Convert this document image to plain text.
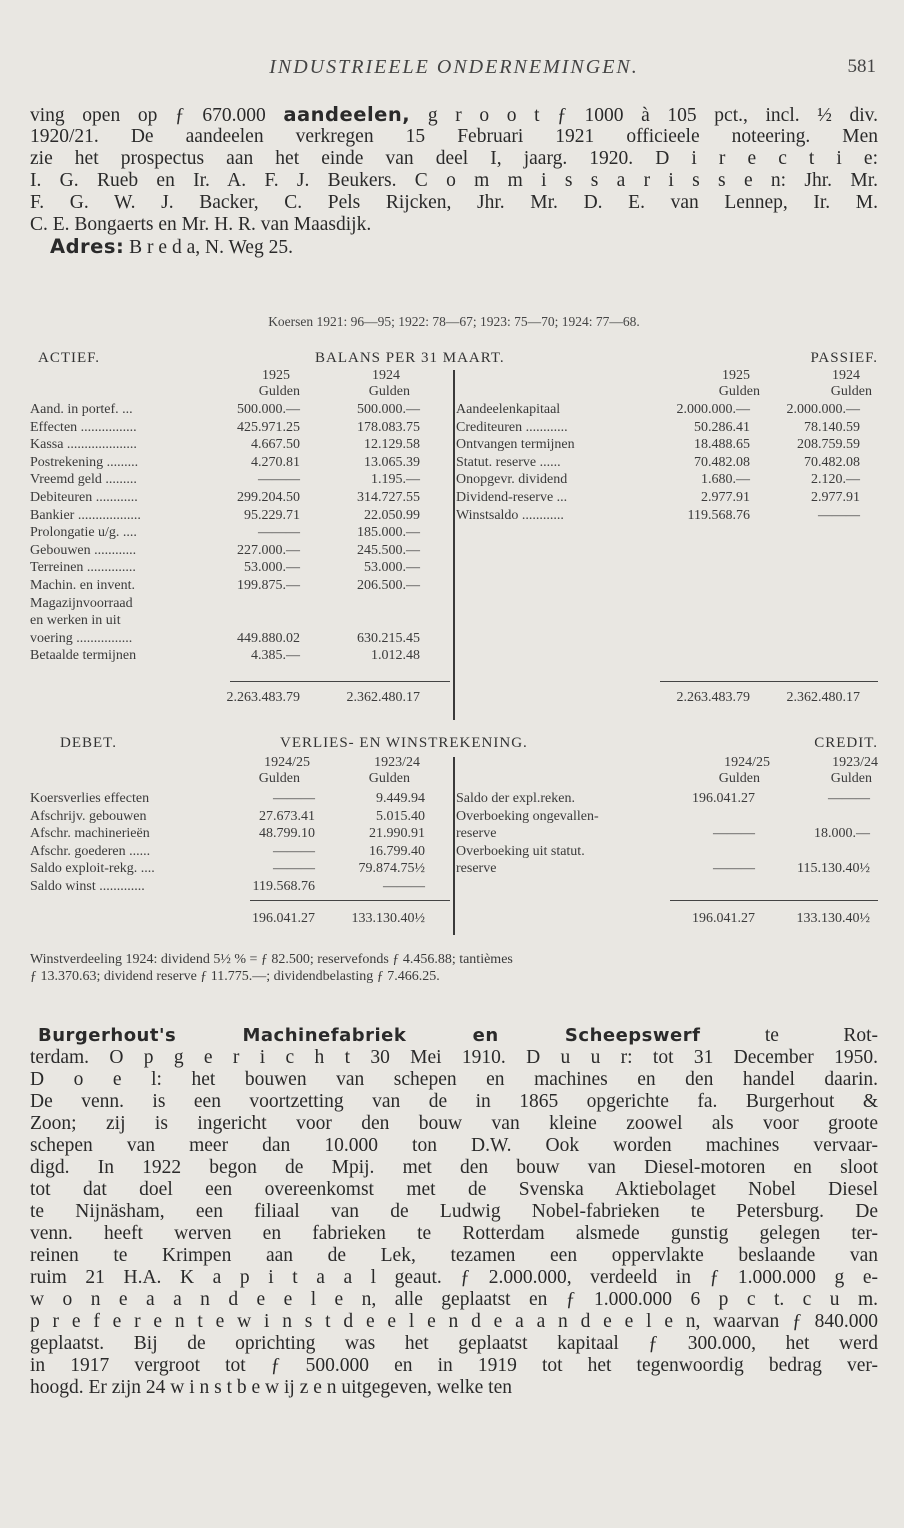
INDUSTRIEELE ONDERNEMINGEN.	581
ving open op ƒ 670.000 aandeelen, g r o o t ƒ 1000 à 105 pct., incl. ½ div.
1920/21. De aandeelen verkregen 15 Februari 1921 officieele noteering. Men
zie het prospectus aan het einde van deel I, jaarg. 1920. D i r e c t i e:
I. G. Rueb en Ir. A. F. J. Beukers. C o m m i s s a r i s s e n: Jhr. Mr.
F. G. W. J. Backer, C. Pels Rijcken, Jhr. Mr. D. E. van Lennep, Ir. M.
C. E. Bongaerts en Mr. H. R. van Maasdijk.
Adres: B r e d a, N. Weg 25.
Koersen 1921: 96—95; 1922: 78—67; 1923: 75—70; 1924: 77—68.
ACTIEF.	BALANS PER 31 MAART.	PASSIEF.
1925	1924	1925	1924
Gulden	Gulden	Gulden	Gulden
Aand. in portef. ...	500.000.—	500.000.—
Effecten ................	425.971.25	178.083.75
Kassa ....................	4.667.50	12.129.58
Postrekening .........	4.270.81	13.065.39
Vreemd geld .........	———	1.195.—
Debiteuren ............	299.204.50	314.727.55
Bankier ..................	95.229.71	22.050.99
Prolongatie u/g. ....	———	185.000.—
Gebouwen ............	227.000.—	245.500.—
Terreinen ..............	53.000.—	53.000.—
Machin. en invent.	199.875.—	206.500.—
Magazijnvoorraad
en werken in uit
voering ................	449.880.02	630.215.45
Betaalde termijnen	4.385.—	1.012.48
Aandeelenkapitaal	2.000.000.—	2.000.000.—
Crediteuren ............	50.286.41	78.140.59
Ontvangen termijnen	18.488.65	208.759.59
Statut. reserve ......	70.482.08	70.482.08
Onopgevr. dividend	1.680.—	2.120.—
Dividend-reserve ...	2.977.91	2.977.91
Winstsaldo ............	119.568.76	———
2.263.483.79	2.362.480.17	2.263.483.79	2.362.480.17
DEBET.	VERLIES- EN WINSTREKENING.	CREDIT.
1924/25	1923/24	1924/25	1923/24
Gulden	Gulden	Gulden	Gulden
Koersverlies effecten	———	9.449.94
Afschrijv. gebouwen	27.673.41	5.015.40
Afschr. machinerieën	48.799.10	21.990.91
Afschr. goederen ......	———	16.799.40
Saldo exploit-rekg. ....	———	79.874.75½
Saldo winst .............	119.568.76	———
Saldo der expl.reken.	196.041.27	———
Overboeking ongevallen-
reserve	———	18.000.—
Overboeking uit statut.
reserve	———	115.130.40½
196.041.27	133.130.40½	196.041.27	133.130.40½
Winstverdeeling 1924: dividend 5½ % = ƒ 82.500; reservefonds ƒ 4.456.88; tantièmes
ƒ 13.370.63; dividend reserve ƒ 11.775.—; dividendbelasting ƒ 7.466.25.
Burgerhout's Machinefabriek en Scheepswerf	te Rot-
terdam. O p g e r i c h t 30 Mei 1910. D u u r: tot 31 December 1950.
D o e l: het bouwen van schepen en machines en den handel daarin.
De venn. is een voortzetting van de in 1865 opgerichte fa. Burgerhout &
Zoon; zij is ingericht voor den bouw van kleine zoowel als voor groote
schepen van meer dan 10.000 ton D.W. Ook worden machines vervaar-
digd. In 1922 begon de Mpij. met den bouw van Diesel-motoren en sloot
tot dat doel een overeenkomst met de Svenska Aktiebolaget Nobel Diesel
te Nijnäsham, een filiaal van de Ludwig Nobel-fabrieken te Petersburg. De
venn. heeft werven en fabrieken te Rotterdam alsmede gunstig gelegen ter-
reinen te Krimpen aan de Lek, tezamen een oppervlakte beslaande van
ruim 21 H.A. K a p i t a a l geaut. ƒ 2.000.000, verdeeld in ƒ 1.000.000 g e-
w o n e a a n d e e l e n, alle geplaatst en ƒ 1.000.000 6 p c t. c u m.
p r e f e r e n t e w i n s t d e e l e n d e a a n d e e l e n, waarvan ƒ 840.000
geplaatst. Bij de oprichting was het geplaatst kapitaal ƒ 300.000, het werd
in 1917 vergroot tot ƒ 500.000 en in 1919 tot het tegenwoordig bedrag ver-
hoogd. Er zijn 24 w i n s t b e w ij z e n uitgegeven, welke ten
